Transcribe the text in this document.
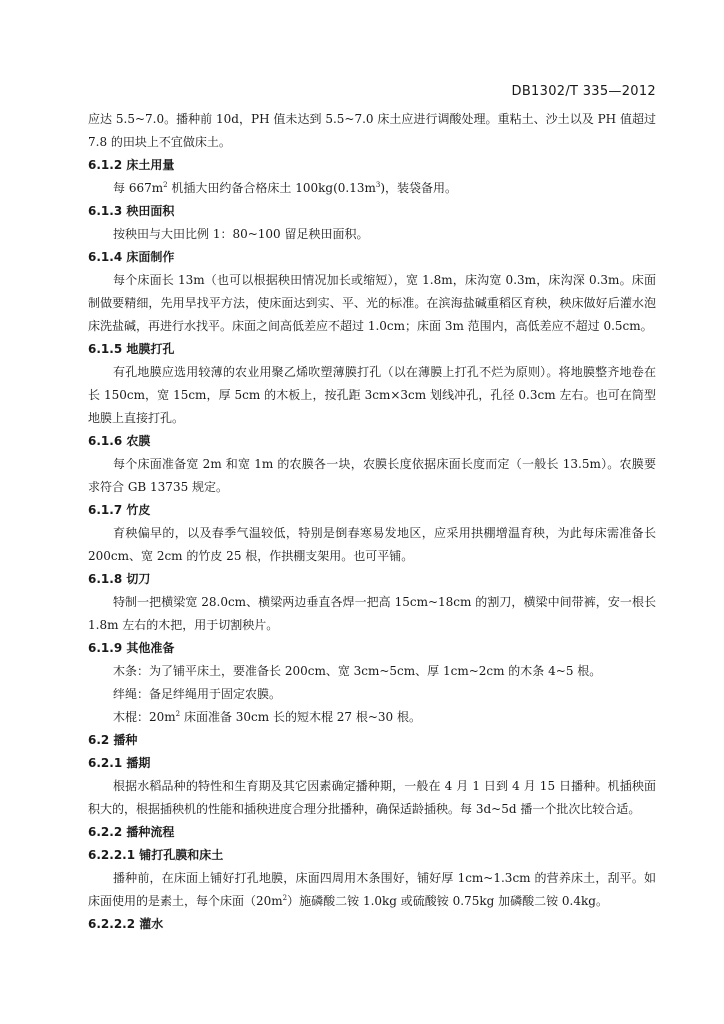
DB1302/T 335—2012

应达 5.5~7.0。播种前 10d，PH 值未达到 5.5~7.0 床土应进行调酸处理。重粘土、沙土以及 PH 值超过 7.8 的田块上不宜做床土。

6.1.2 床土用量

每 $667m^2$ 机插大田约备合格床土 $100kg(0.13m^3)$，装袋备用。

6.1.3 秧田面积

按秧田与大田比例 1：80~100 留足秧田面积。

6.1.4 床面制作

每个床面长 13m（也可以根据秧田情况加长或缩短），宽 1.8m，床沟宽 0.3m，床沟深 0.3m。床面制做要精细，先用旱找平方法，使床面达到实、平、光的标准。在滨海盐碱重稻区育秧，秧床做好后灌水泡床洗盐碱，再进行水找平。床面之间高低差应不超过 1.0cm；床面 3m 范围内，高低差应不超过 0.5cm。

6.1.5 地膜打孔

有孔地膜应选用较薄的农业用聚乙烯吹塑薄膜打孔（以在薄膜上打孔不烂为原则）。将地膜整齐地卷在长 150cm，宽 15cm，厚 5cm 的木板上，按孔距 3cm×3cm 划线冲孔，孔径 0.3cm 左右。也可在筒型地膜上直接打孔。

6.1.6 农膜

每个床面准备宽 2m 和宽 1m 的农膜各一块，农膜长度依据床面长度而定（一般长 13.5m）。农膜要求符合 GB 13735 规定。

6.1.7 竹皮

育秧偏早的，以及春季气温较低，特别是倒春寒易发地区，应采用拱棚增温育秧，为此每床需准备长 200cm、宽 2cm 的竹皮 25 根，作拱棚支架用。也可平铺。

6.1.8 切刀

特制一把横梁宽 28.0cm、横梁两边垂直各焊一把高 15cm~18cm 的割刀，横梁中间带裤，安一根长 1.8m 左右的木把，用于切割秧片。

6.1.9 其他准备

木条：为了铺平床土，要准备长 200cm、宽 3cm~5cm、厚 1cm~2cm 的木条 4~5 根。

绊绳：备足绊绳用于固定农膜。

木棍：$20m^2$ 床面准备 30cm 长的短木棍 27 根~30 根。

6.2 播种
6.2.1 播期

根据水稻品种的特性和生育期及其它因素确定播种期，一般在 4 月 1 日到 4 月 15 日播种。机插秧面积大的，根据插秧机的性能和插秧进度合理分批播种，确保适龄插秧。每 3d~5d 播一个批次比较合适。

6.2.2 播种流程
6.2.2.1 铺打孔膜和床土

播种前，在床面上铺好打孔地膜，床面四周用木条围好，铺好厚 1cm~1.3cm 的营养床土，刮平。如床面使用的是素土，每个床面$(20m^2)$施磷酸二铵 1.0kg 或硫酸铵 0.75kg 加磷酸二铵 0.4kg。

6.2.2.2 灌水
